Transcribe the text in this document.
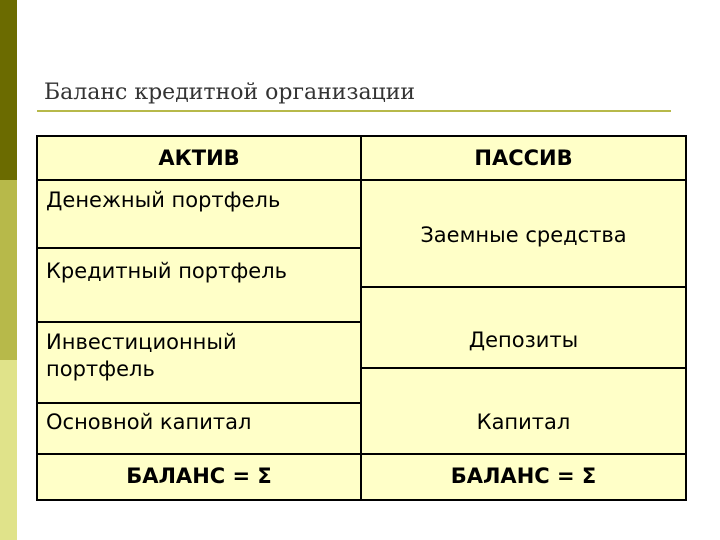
Баланс кредитной организации
АКТИВ	ПАССИВ
Денежный портфель
Кредитный портфель
Инвестиционный
портфель
Основной капитал
БАЛАНС = Σ
Заемные средства
Депозиты
Капитал
БАЛАНС = Σ
